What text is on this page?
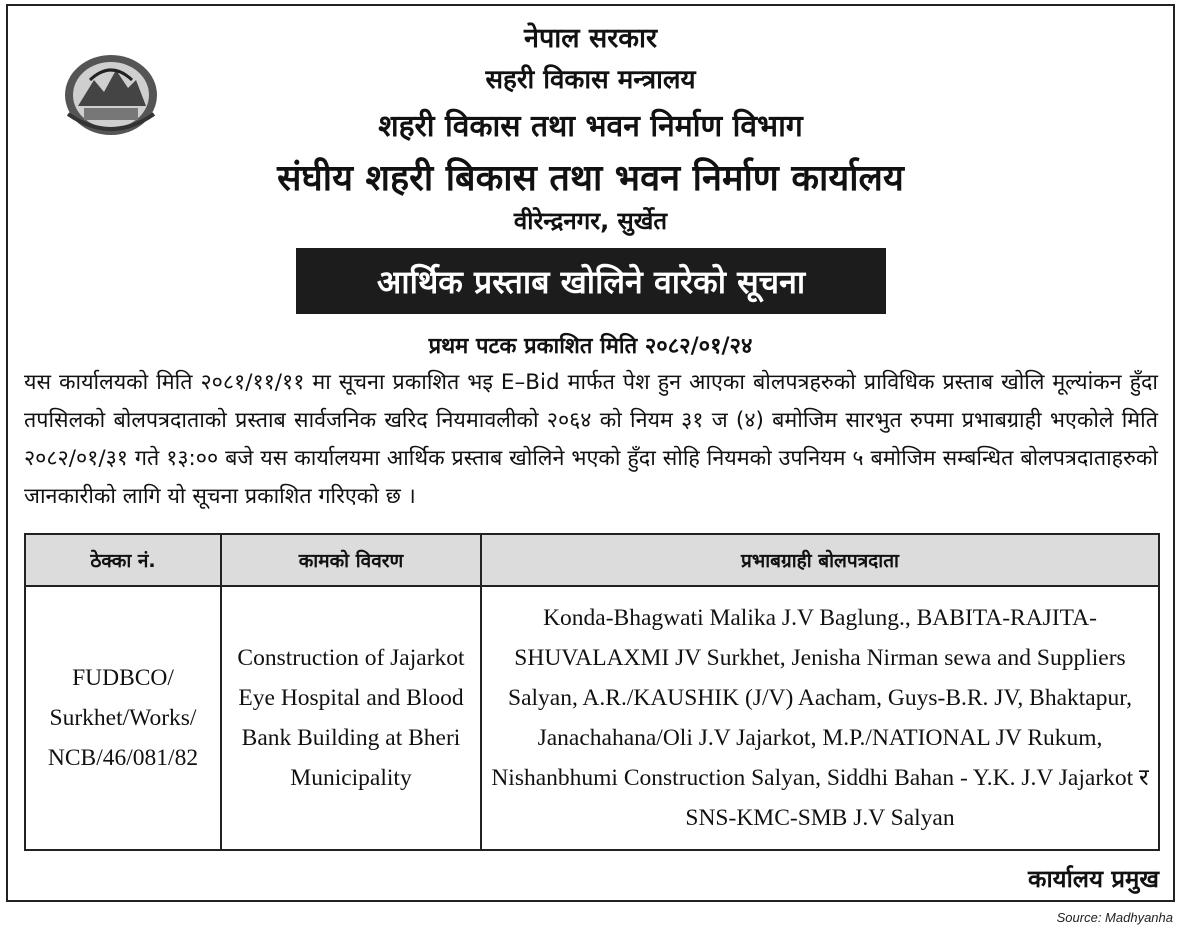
नेपाल सरकार
सहरी विकास मन्त्रालय
शहरी विकास तथा भवन निर्माण विभाग
संघीय शहरी बिकास तथा भवन निर्माण कार्यालय
वीरेन्द्रनगर, सुर्खेत
आर्थिक प्रस्ताब खोलिने वारेको सूचना
प्रथम पटक प्रकाशित मिति २०८२/०१/२४
यस कार्यालयको मिति २०८१/११/११ मा सूचना प्रकाशित भइ E–Bid मार्फत पेश हुन आएका बोलपत्रहरुको प्राविधिक प्रस्ताब खोलि मूल्यांकन हुँदा तपसिलको बोलपत्रदाताको प्रस्ताब सार्वजनिक खरिद नियमावलीको २०६४ को नियम ३१ ज (४) बमोजिम सारभुत रुपमा प्रभाबग्राही भएकोले मिति २०८२/०१/३१ गते १३:०० बजे यस कार्यालयमा आर्थिक प्रस्ताब खोलिने भएको हुँदा सोहि नियमको उपनियम ५ बमोजिम सम्बन्धित बोलपत्रदाताहरुको जानकारीको लागि यो सूचना प्रकाशित गरिएको छ ।
ठेक्का नं.	कामको विवरण	प्रभाबग्राही बोलपत्रदाता
FUDBCO/ Surkhet/Works/ NCB/46/081/82	Construction of Jajarkot Eye Hospital and Blood Bank Building at Bheri Municipality	Konda-Bhagwati Malika J.V Baglung., BABITA-RAJITA-SHUVALAXMI JV Surkhet, Jenisha Nirman sewa and Suppliers Salyan, A.R./KAUSHIK (J/V) Aacham, Guys-B.R. JV, Bhaktapur, Janachahana/Oli J.V Jajarkot, M.P./NATIONAL JV Rukum, Nishanbhumi Construction Salyan, Siddhi Bahan - Y.K. J.V Jajarkot र SNS-KMC-SMB J.V Salyan
कार्यालय प्रमुख
Source: Madhyanha
